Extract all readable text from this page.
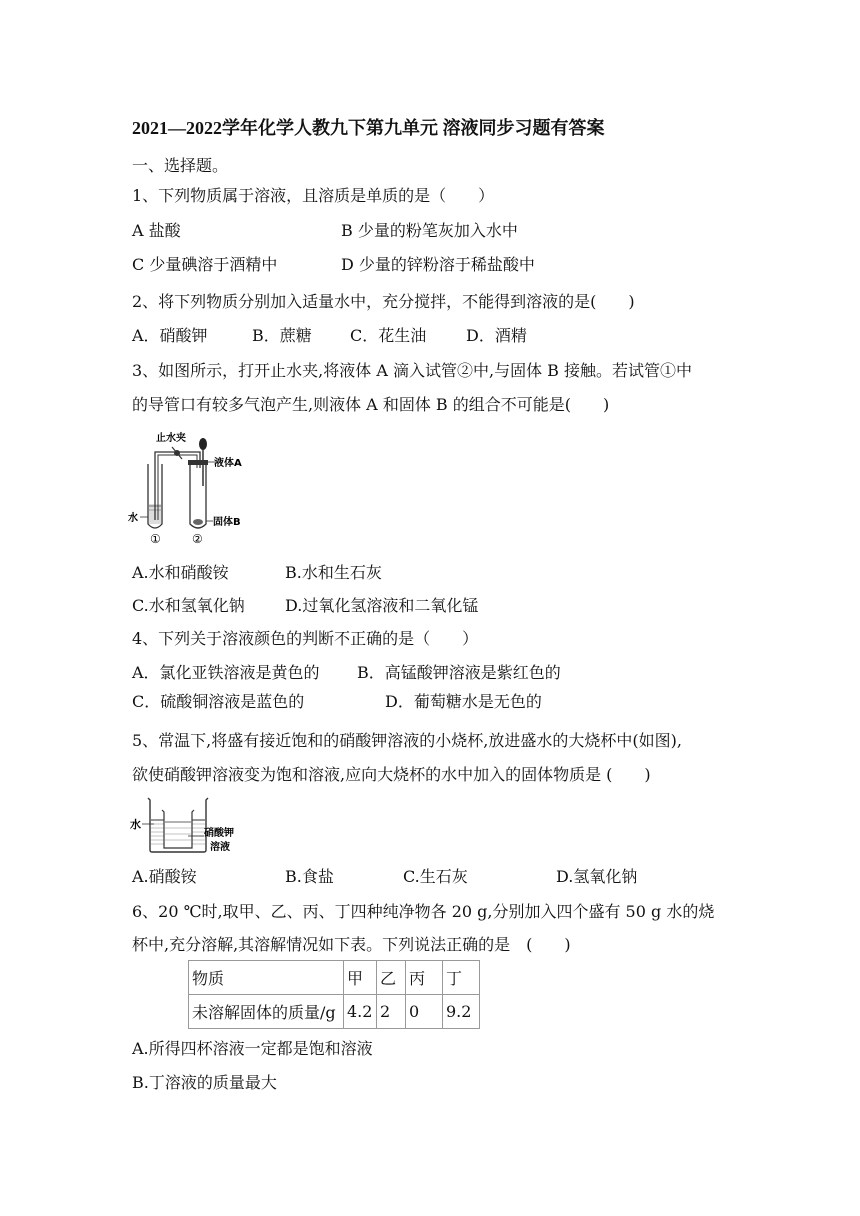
2021—2022学年化学人教九下第九单元 溶液同步习题有答案
一、选择题。
1、下列物质属于溶液，且溶质是单质的是（　　）
A 盐酸	B 少量的粉笔灰加入水中
C 少量碘溶于酒精中	D 少量的锌粉溶于稀盐酸中
2、将下列物质分别加入适量水中，充分搅拌，不能得到溶液的是(　　)
A．硝酸钾	B．蔗糖 C．花生油 D．酒精
3、如图所示，打开止水夹,将液体 A 滴入试管②中,与固体 B 接触。若试管①中
的导管口有较多气泡产生,则液体 A 和固体 B 的组合不可能是(　　)
止水夹
液体A
水	固体B
①	②
A.水和硝酸铵	B.水和生石灰
C.水和氢氧化钠	D.过氧化氢溶液和二氧化锰
4、下列关于溶液颜色的判断不正确的是（　　）
A．氯化亚铁溶液是黄色的 B．高锰酸钾溶液是紫红色的
C．硫酸铜溶液是蓝色的	D．葡萄糖水是无色的
5、常温下,将盛有接近饱和的硝酸钾溶液的小烧杯,放进盛水的大烧杯中(如图),
欲使硝酸钾溶液变为饱和溶液,应向大烧杯的水中加入的固体物质是 (　　)
水
硝酸钾
溶液
A.硝酸铵	B.食盐	C.生石灰	D.氢氧化钠
6、20 ℃时,取甲、乙、丙、丁四种纯净物各 20 g,分别加入四个盛有 50 g 水的烧
杯中,充分溶解,其溶解情况如下表。下列说法正确的是　(　　)
物质	甲	乙	丙	丁
未溶解固体的质量/g	4.2	2	0	9.2
A.所得四杯溶液一定都是饱和溶液
B.丁溶液的质量最大
